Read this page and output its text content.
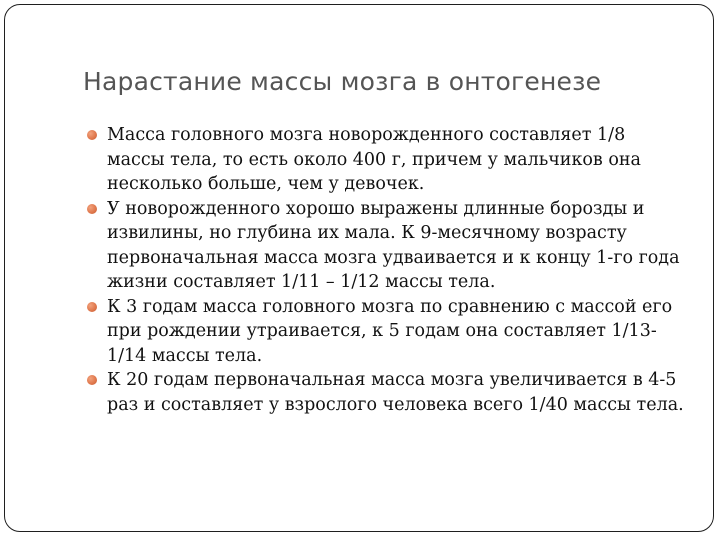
Нарастание массы мозга в онтогенезе
Масса головного мозга новорожденного составляет 1/8 массы тела, то есть около 400 г, причем у мальчиков она несколько больше, чем у девочек.
У новорожденного хорошо выражены длинные борозды и извилины, но глубина их мала. К 9-месячному возрасту первоначальная масса мозга удваивается и к концу 1-го года жизни составляет 1/11 – 1/12 массы тела.
К 3 годам масса головного мозга по сравнению с массой его при рождении утраивается, к 5 годам она составляет 1/13-1/14 массы тела.
К 20 годам первоначальная масса мозга увеличивается в 4-5 раз и составляет у взрослого человека всего 1/40 массы тела.
